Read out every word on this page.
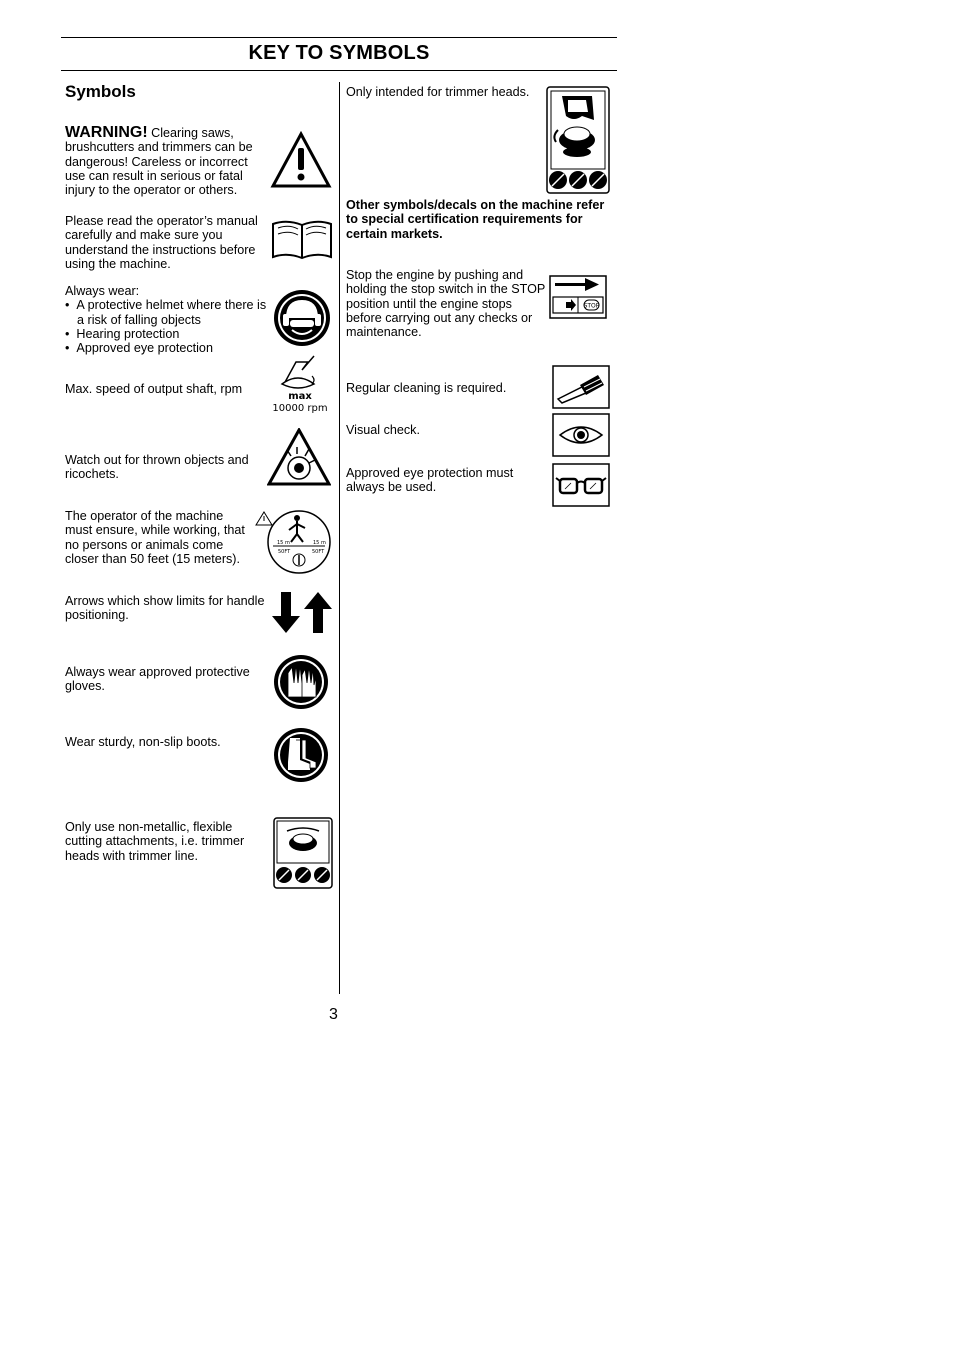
KEY TO SYMBOLS
Symbols
WARNING! Clearing saws, brushcutters and trimmers can be dangerous! Careless or incorrect use can result in serious or fatal injury to the operator or others.
Please read the operator’s manual carefully and make sure you understand the instructions before using the machine.
Always wear:
•  A protective helmet where there is a risk of falling objects
•  Hearing protection
•  Approved eye protection
Max. speed of output shaft, rpm
max
10000 rpm
Watch out for thrown objects and ricochets.
The operator of the machine must ensure, while working, that no persons or animals come closer than 50 feet (15 meters).
15 m
50FT
15 m
50FT
Arrows which show limits for handle positioning.
Always wear approved protective gloves.
Wear sturdy, non-slip boots.
Only use non-metallic, flexible cutting attachments, i.e. trimmer heads with trimmer line.
Only intended for trimmer heads.
Other symbols/decals on the machine refer to special certification requirements for certain markets.
Stop the engine by pushing and holding the stop switch in the STOP position until the engine stops before carrying out any checks or maintenance.
STOP
Regular cleaning is required.
Visual check.
Approved eye protection must always be used.
3
